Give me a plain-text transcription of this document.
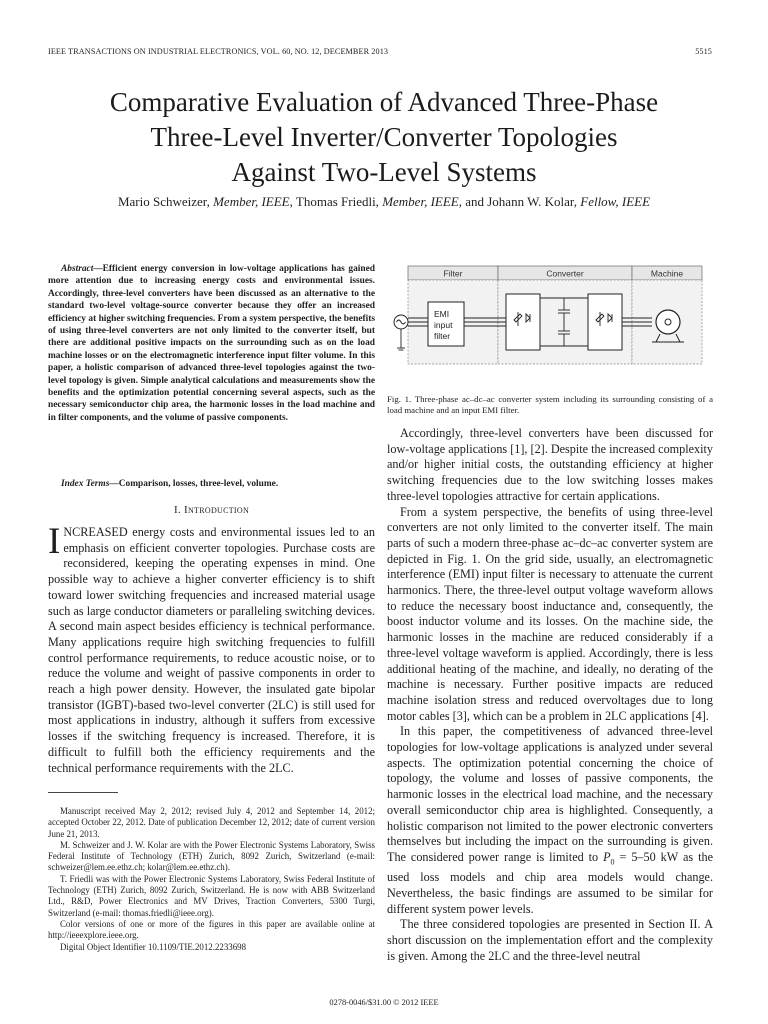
IEEE TRANSACTIONS ON INDUSTRIAL ELECTRONICS, VOL. 60, NO. 12, DECEMBER 2013	5515
Comparative Evaluation of Advanced Three-Phase
Three-Level Inverter/Converter Topologies
Against Two-Level Systems
Mario Schweizer, Member, IEEE, Thomas Friedli, Member, IEEE, and Johann W. Kolar, Fellow, IEEE
Abstract—Efficient energy conversion in low-voltage applications has gained more attention due to increasing energy costs and environmental issues. Accordingly, three-level converters have been discussed as an alternative to the standard two-level voltage-source converter because they offer an increased efficiency at higher switching frequencies. From a system perspective, the benefits of using three-level converters are not only limited to the converter itself, but there are additional positive impacts on the surrounding such as on the load machine losses or on the electromagnetic interference input filter volume. In this paper, a holistic comparison of advanced three-level topologies against the two-level topology is given. Simple analytical calculations and measurements show the benefits and the optimization potential concerning several aspects, such as the necessary semiconductor chip area, the harmonic losses in the load machine and in filter components, and the volume of passive components.
Index Terms—Comparison, losses, three-level, volume.
I. Introduction

INCREASED energy costs and environmental issues led to an emphasis on efficient converter topologies. Purchase costs are reconsidered, keeping the operating expenses in mind. One possible way to achieve a higher converter efficiency is to shift toward lower switching frequencies and increased material usage such as large conductor diameters or paralleling switching devices. A second main aspect besides efficiency is technical performance. Many applications require high switching frequencies to fulfill control performance requirements, to reduce acoustic noise, or to reduce the volume and weight of passive components in order to reach a high power density. However, the insulated gate bipolar transistor (IGBT)-based two-level converter (2LC) is still used for most applications in industry, although it suffers from excessive losses if the switching frequency is increased. Therefore, it is difficult to fulfill both the efficiency requirements and the technical performance requirements with the 2LC.

Manuscript received May 2, 2012; revised July 4, 2012 and September 14, 2012; accepted October 22, 2012. Date of publication December 12, 2012; date of current version June 21, 2013.

M. Schweizer and J. W. Kolar are with the Power Electronic Systems Laboratory, Swiss Federal Institute of Technology (ETH) Zurich, 8092 Zurich, Switzerland (e-mail: schweizer@lem.ee.ethz.ch; kolar@lem.ee.ethz.ch).

T. Friedli was with the Power Electronic Systems Laboratory, Swiss Federal Institute of Technology (ETH) Zurich, 8092 Zurich, Switzerland. He is now with ABB Switzerland Ltd., R&D, Power Electronics and MV Drives, Traction Converters, 5300 Turgi, Switzerland (e-mail: thomas.friedli@ieee.org).

Color versions of one or more of the figures in this paper are available online at http://ieeexplore.ieee.org.

Digital Object Identifier 10.1109/TIE.2012.2233698

Filter	Converter	Machine
EMI
input
filter
Fig. 1. Three-phase ac–dc–ac converter system including its surrounding consisting of a load machine and an input EMI filter.

Accordingly, three-level converters have been discussed for low-voltage applications [1], [2]. Despite the increased complexity and/or higher initial costs, the outstanding efficiency at higher switching frequencies due to the low switching losses makes three-level topologies attractive for certain applications.

From a system perspective, the benefits of using three-level converters are not only limited to the converter itself. The main parts of such a modern three-phase ac–dc–ac converter system are depicted in Fig. 1. On the grid side, usually, an electromagnetic interference (EMI) input filter is necessary to attenuate the current harmonics. There, the three-level output voltage waveform allows to reduce the necessary boost inductance and, consequently, the boost inductor volume and its losses. On the machine side, the harmonic losses in the machine are reduced considerably if a three-level voltage waveform is applied. Accordingly, there is less additional heating of the machine, and ideally, no derating of the machine is necessary. Further positive impacts are reduced machine isolation stress and reduced overvoltages due to long motor cables [3], which can be a problem in 2LC applications [4].

In this paper, the competitiveness of advanced three-level topologies for low-voltage applications is analyzed under several aspects. The optimization potential concerning the choice of topology, the volume and losses of passive components, the harmonic losses in the electrical load machine, and the necessary overall semiconductor chip area is highlighted. Consequently, a holistic comparison not limited to the power electronic converters themselves but including the impact on the surrounding is given. The considered power range is limited to $P_0 = 5-50$ kW as the used loss models and chip area models would change. Nevertheless, the basic findings are assumed to be similar for different system power levels.

The three considered topologies are presented in Section II. A short discussion on the implementation effort and the complexity is given. Among the 2LC and the three-level neutral

0278-0046/$31.00 © 2012 IEEE
